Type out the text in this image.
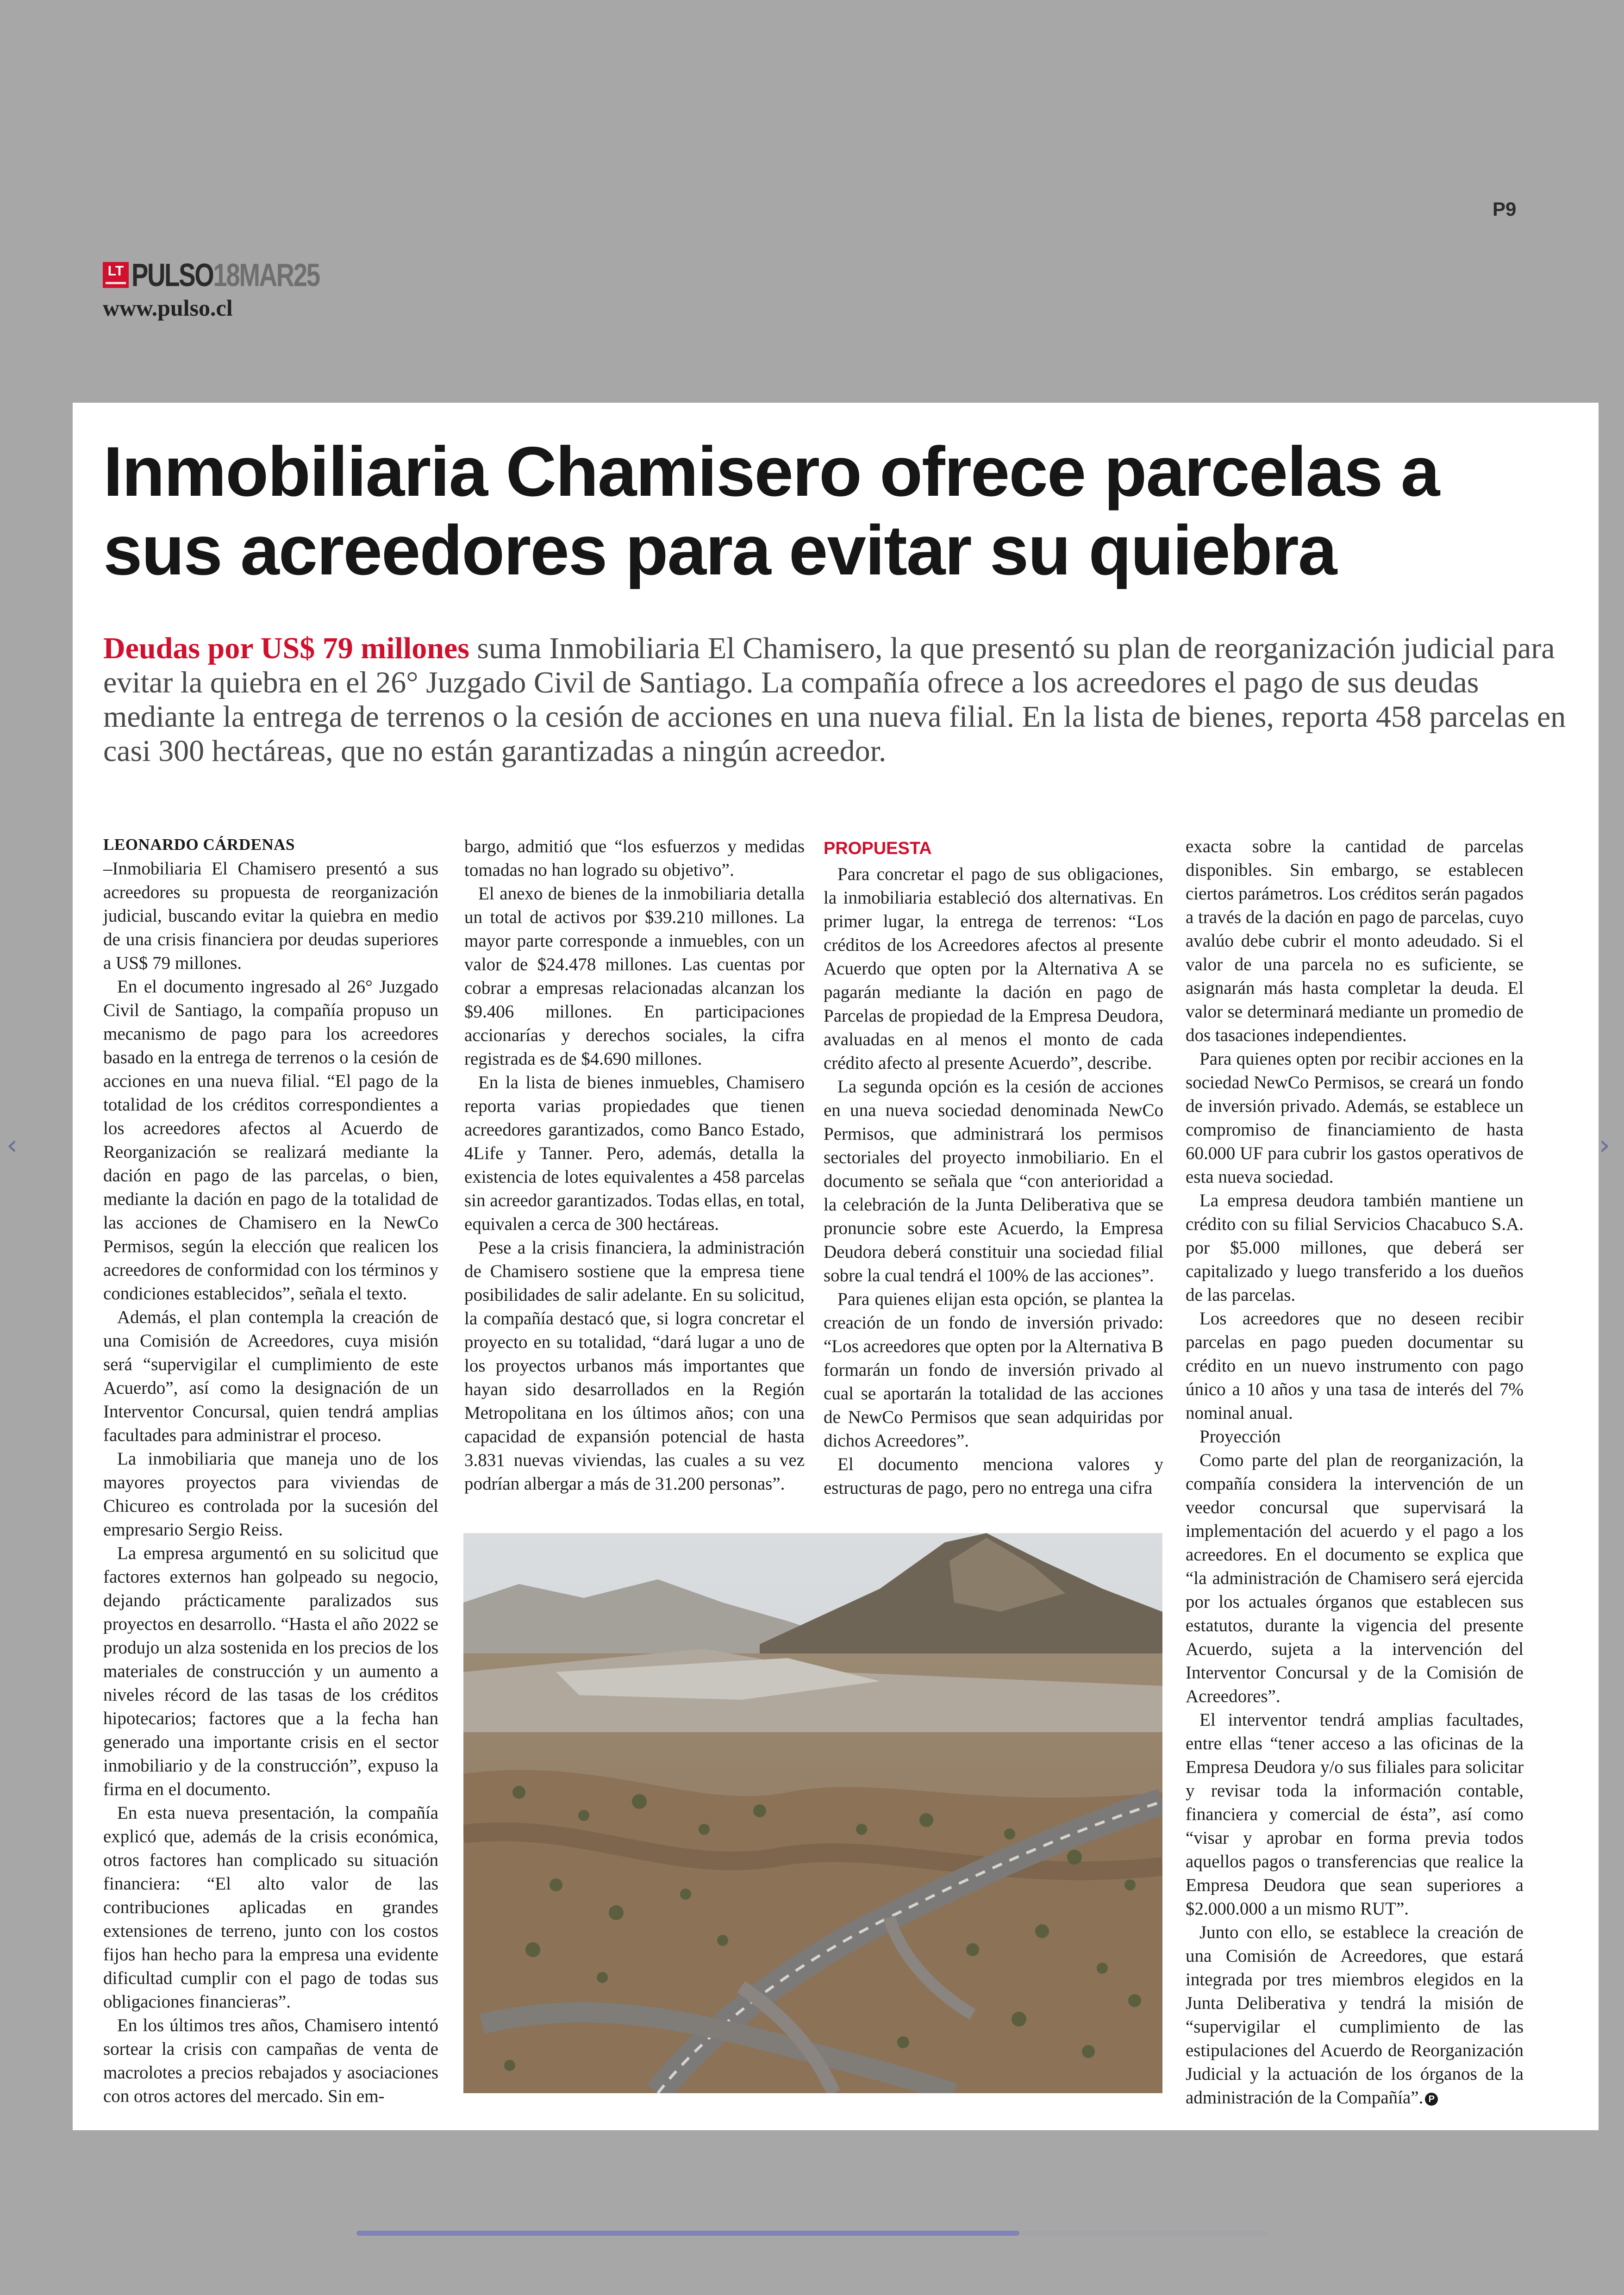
P9
LT PULSO18MAR25
www.pulso.cl
Inmobiliaria Chamisero ofrece parcelas a sus acreedores para evitar su quiebra

Deudas por US$ 79 millones suma Inmobiliaria El Chamisero, la que presentó su plan de reorganización judicial para evitar la quiebra en el 26° Juzgado Civil de Santiago. La compañía ofrece a los acreedores el pago de sus deudas mediante la entrega de terrenos o la cesión de acciones en una nueva filial. En la lista de bienes, reporta 458 parcelas en casi 300 hectáreas, que no están garantizadas a ningún acreedor.

LEONARDO CÁRDENAS

–Inmobiliaria El Chamisero presentó a sus acreedores su propuesta de reorganización judicial, buscando evitar la quiebra en medio de una crisis financiera por deudas superiores a US$ 79 millones.

En el documento ingresado al 26° Juzgado Civil de Santiago, la compañía propuso un mecanismo de pago para los acreedores basado en la entrega de terrenos o la cesión de acciones en una nueva filial. “El pago de la totalidad de los créditos correspondientes a los acreedores afectos al Acuerdo de Reorganización se realizará mediante la dación en pago de las parcelas, o bien, mediante la dación en pago de la totalidad de las acciones de Chamisero en la NewCo Permisos, según la elección que realicen los acreedores de conformidad con los términos y condiciones establecidos”, señala el texto.

Además, el plan contempla la creación de una Comisión de Acreedores, cuya misión será “supervigilar el cumplimiento de este Acuerdo”, así como la designación de un Interventor Concursal, quien tendrá amplias facultades para administrar el proceso.

La inmobiliaria que maneja uno de los mayores proyectos para viviendas de Chicureo es controlada por la sucesión del empresario Sergio Reiss.

La empresa argumentó en su solicitud que factores externos han golpeado su negocio, dejando prácticamente paralizados sus proyectos en desarrollo. “Hasta el año 2022 se produjo un alza sostenida en los precios de los materiales de construcción y un aumento a niveles récord de las tasas de los créditos hipotecarios; factores que a la fecha han generado una importante crisis en el sector inmobiliario y de la construcción”, expuso la firma en el documento.

En esta nueva presentación, la compañía explicó que, además de la crisis económica, otros factores han complicado su situación financiera: “El alto valor de las contribuciones aplicadas en grandes extensiones de terreno, junto con los costos fijos han hecho para la empresa una evidente dificultad cumplir con el pago de todas sus obligaciones financieras”.

En los últimos tres años, Chamisero intentó sortear la crisis con campañas de venta de macrolotes a precios rebajados y asociaciones con otros actores del mercado. Sin em-

bargo, admitió que “los esfuerzos y medidas tomadas no han logrado su objetivo”.

El anexo de bienes de la inmobiliaria detalla un total de activos por $39.210 millones. La mayor parte corresponde a inmuebles, con un valor de $24.478 millones. Las cuentas por cobrar a empresas relacionadas alcanzan los $9.406 millones. En participaciones accionarías y derechos sociales, la cifra registrada es de $4.690 millones.

En la lista de bienes inmuebles, Chamisero reporta varias propiedades que tienen acreedores garantizados, como Banco Estado, 4Life y Tanner. Pero, además, detalla la existencia de lotes equivalentes a 458 parcelas sin acreedor garantizados. Todas ellas, en total, equivalen a cerca de 300 hectáreas.

Pese a la crisis financiera, la administración de Chamisero sostiene que la empresa tiene posibilidades de salir adelante. En su solicitud, la compañía destacó que, si logra concretar el proyecto en su totalidad, “dará lugar a uno de los proyectos urbanos más importantes que hayan sido desarrollados en la Región Metropolitana en los últimos años; con una capacidad de expansión potencial de hasta 3.831 nuevas viviendas, las cuales a su vez podrían albergar a más de 31.200 personas”.

PROPUESTA

Para concretar el pago de sus obligaciones, la inmobiliaria estableció dos alternativas. En primer lugar, la entrega de terrenos: “Los créditos de los Acreedores afectos al presente Acuerdo que opten por la Alternativa A se pagarán mediante la dación en pago de Parcelas de propiedad de la Empresa Deudora, avaluadas en al menos el monto de cada crédito afecto al presente Acuerdo”, describe.

La segunda opción es la cesión de acciones en una nueva sociedad denominada NewCo Permisos, que administrará los permisos sectoriales del proyecto inmobiliario. En el documento se señala que “con anterioridad a la celebración de la Junta Deliberativa que se pronuncie sobre este Acuerdo, la Empresa Deudora deberá constituir una sociedad filial sobre la cual tendrá el 100% de las acciones”.

Para quienes elijan esta opción, se plantea la creación de un fondo de inversión privado: “Los acreedores que opten por la Alternativa B formarán un fondo de inversión privado al cual se aportarán la totalidad de las acciones de NewCo Permisos que sean adquiridas por dichos Acreedores”.

El documento menciona valores y estructuras de pago, pero no entrega una cifra

exacta sobre la cantidad de parcelas disponibles. Sin embargo, se establecen ciertos parámetros. Los créditos serán pagados a través de la dación en pago de parcelas, cuyo avalúo debe cubrir el monto adeudado. Si el valor de una parcela no es suficiente, se asignarán más hasta completar la deuda. El valor se determinará mediante un promedio de dos tasaciones independientes.

Para quienes opten por recibir acciones en la sociedad NewCo Permisos, se creará un fondo de inversión privado. Además, se establece un compromiso de financiamiento de hasta 60.000 UF para cubrir los gastos operativos de esta nueva sociedad.

La empresa deudora también mantiene un crédito con su filial Servicios Chacabuco S.A. por $5.000 millones, que deberá ser capitalizado y luego transferido a los dueños de las parcelas.

Los acreedores que no deseen recibir parcelas en pago pueden documentar su crédito en un nuevo instrumento con pago único a 10 años y una tasa de interés del 7% nominal anual.

Proyección

Como parte del plan de reorganización, la compañía considera la intervención de un veedor concursal que supervisará la implementación del acuerdo y el pago a los acreedores. En el documento se explica que “la administración de Chamisero será ejercida por los actuales órganos que establecen sus estatutos, durante la vigencia del presente Acuerdo, sujeta a la intervención del Interventor Concursal y de la Comisión de Acreedores”.

El interventor tendrá amplias facultades, entre ellas “tener acceso a las oficinas de la Empresa Deudora y/o sus filiales para solicitar y revisar toda la información contable, financiera y comercial de ésta”, así como “visar y aprobar en forma previa todos aquellos pagos o transferencias que realice la Empresa Deudora que sean superiores a $2.000.000 a un mismo RUT”.

Junto con ello, se establece la creación de una Comisión de Acreedores, que estará integrada por tres miembros elegidos en la Junta Deliberativa y tendrá la misión de “supervigilar el cumplimiento de las estipulaciones del Acuerdo de Reorganización Judicial y la actuación de los órganos de la administración de la Compañía”. P

‹	›
